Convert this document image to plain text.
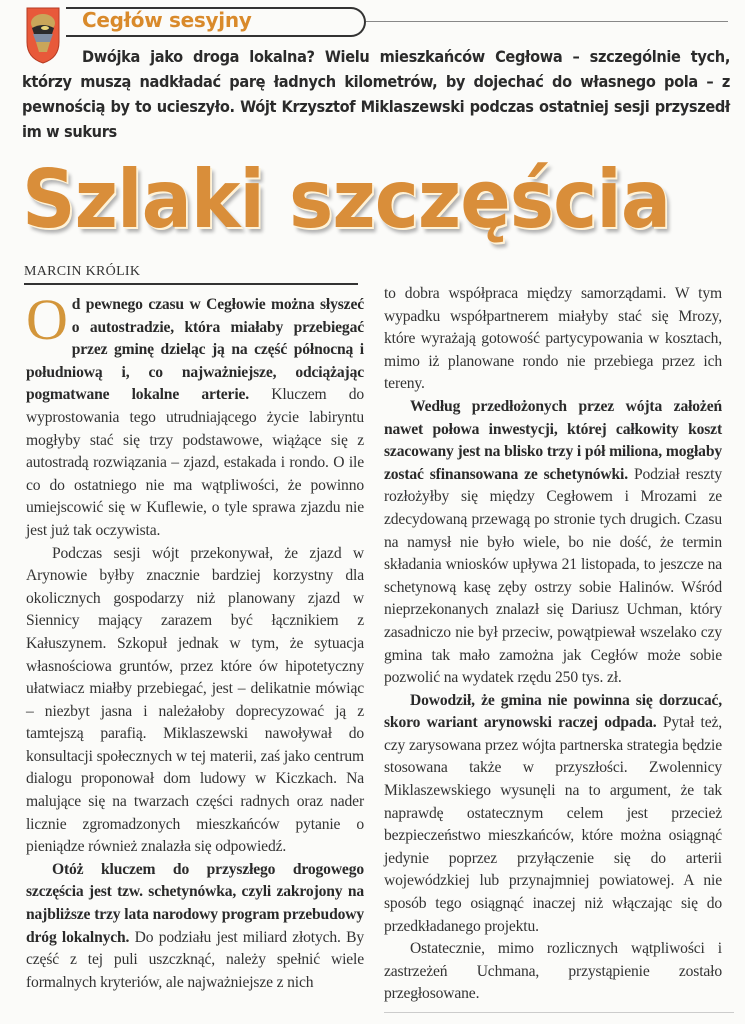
Cegłów sesyjny
Dwójka jako droga lokalna? Wielu mieszkańców Cegłowa – szczególnie tych, którzy muszą nadkładać parę ładnych kilometrów, by dojechać do własnego pola – z pewnością by to ucieszyło. Wójt Krzysztof Miklaszewski podczas ostatniej sesji przyszedł im w sukurs
Szlaki szczęścia
MARCIN KRÓLIK

Od pewnego czasu w Cegłowie można słyszeć o autostradzie, która miałaby przebiegać przez gminę dzieląc ją na część północną i południową i, co najważniejsze, odciążając pogmatwane lokalne arterie. Kluczem do wyprostowania tego utrudniającego życie labiryntu mogłyby stać się trzy podstawowe, wiążące się z autostradą rozwiązania – zjazd, estakada i rondo. O ile co do ostatniego nie ma wątpliwości, że powinno umiejscowić się w Kuflewie, o tyle sprawa zjazdu nie jest już tak oczywista.

Podczas sesji wójt przekonywał, że zjazd w Arynowie byłby znacznie bardziej korzystny dla okolicznych gospodarzy niż planowany zjazd w Siennicy mający zarazem być łącznikiem z Kałuszynem. Szkopuł jednak w tym, że sytuacja własnościowa gruntów, przez które ów hipotetyczny ułatwiacz miałby przebiegać, jest – delikatnie mówiąc – niezbyt jasna i należałoby doprecyzować ją z tamtejszą parafią. Miklaszewski nawoływał do konsultacji społecznych w tej materii, zaś jako centrum dialogu proponował dom ludowy w Kiczkach. Na malujące się na twarzach części radnych oraz nader licznie zgromadzonych mieszkańców pytanie o pieniądze również znalazła się odpowiedź.

Otóż kluczem do przyszłego drogowego szczęścia jest tzw. schetynówka, czyli zakrojony na najbliższe trzy lata narodowy program przebudowy dróg lokalnych. Do podziału jest miliard złotych. By część z tej puli uszczknąć, należy spełnić wiele formalnych kryteriów, ale najważniejsze z nich

to dobra współpraca między samorządami. W tym wypadku współpartnerem miałyby stać się Mrozy, które wyrażają gotowość partycypowania w kosztach, mimo iż planowane rondo nie przebiega przez ich tereny.

Według przedłożonych przez wójta założeń nawet połowa inwestycji, której całkowity koszt szacowany jest na blisko trzy i pół miliona, mogłaby zostać sfinansowana ze schetynówki. Podział reszty rozłożyłby się między Cegłowem i Mrozami ze zdecydowaną przewagą po stronie tych drugich. Czasu na namysł nie było wiele, bo nie dość, że termin składania wniosków upływa 21 listopada, to jeszcze na schetynową kasę zęby ostrzy sobie Halinów. Wśród nieprzekonanych znalazł się Dariusz Uchman, który zasadniczo nie był przeciw, powątpiewał wszelako czy gmina tak mało zamożna jak Cegłów może sobie pozwolić na wydatek rzędu 250 tys. zł.

Dowodził, że gmina nie powinna się dorzucać, skoro wariant arynowski raczej odpada. Pytał też, czy zarysowana przez wójta partnerska strategia będzie stosowana także w przyszłości. Zwolennicy Miklaszewskiego wysunęli na to argument, że tak naprawdę ostatecznym celem jest przecież bezpieczeństwo mieszkańców, które można osiągnąć jedynie poprzez przyłączenie się do arterii wojewódzkiej lub przynajmniej powiatowej. A nie sposób tego osiągnąć inaczej niż włączając się do przedkładanego projektu.

Ostatecznie, mimo rozlicznych wątpliwości i zastrzeżeń Uchmana, przystąpienie zostało przegłosowane.
